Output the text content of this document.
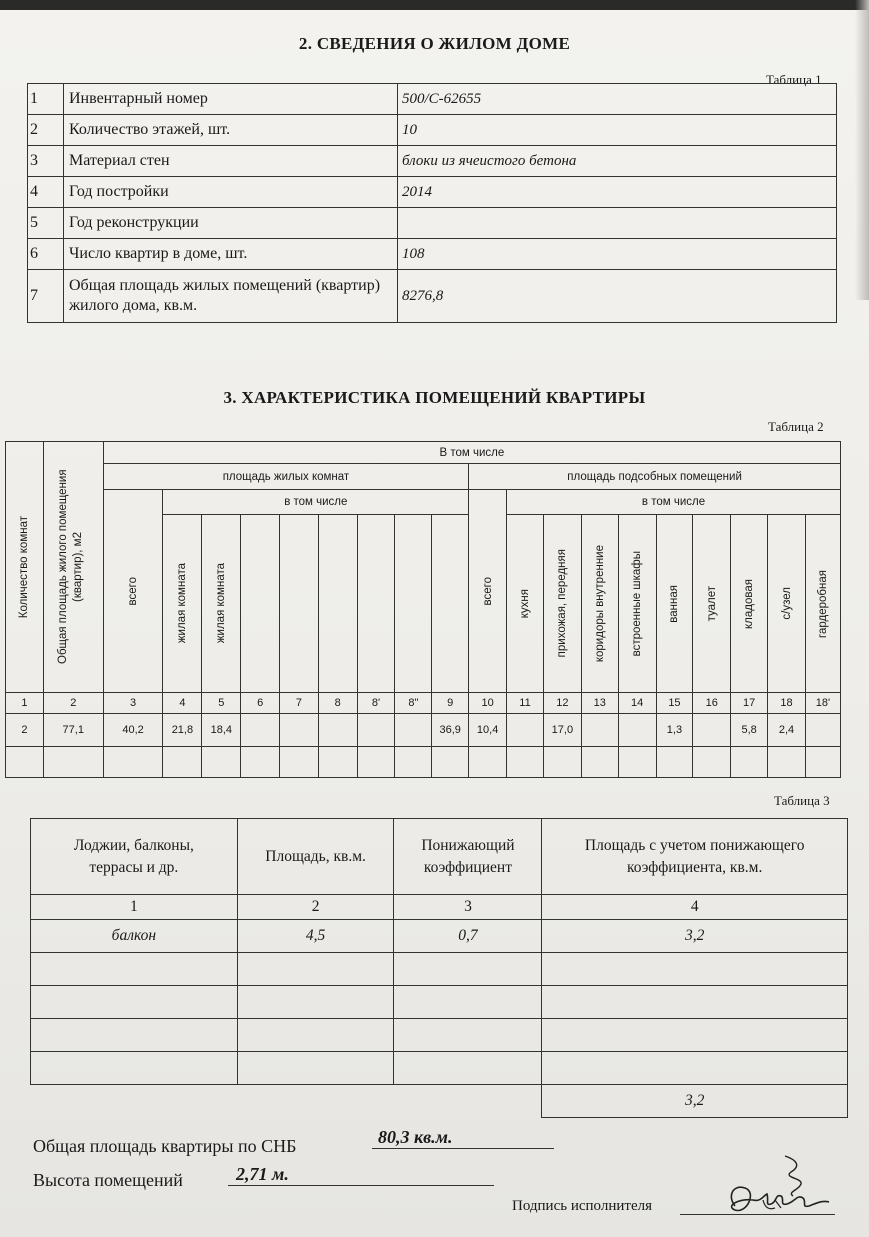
2. СВЕДЕНИЯ О ЖИЛОМ ДОМЕ
Таблица 1
1	Инвентарный номер	500/С-62655
2	Количество этажей, шт.	10
3	Материал стен	блоки из ячеистого бетона
4	Год постройки	2014
5	Год реконструкции	
6	Число квартир в доме, шт.	108
7	Общая площадь жилых помещений (квартир) жилого дома, кв.м.	8276,8
3. ХАРАКТЕРИСТИКА ПОМЕЩЕНИЙ КВАРТИРЫ
Таблица 2
Количество комнат	Общая площадь жилого помещения (квартир), м2	В том числе																		
		площадь жилых комнат									площадь подсобных помещений									

		всего	в том числе								всего	в том числе								

			жилая комната	жилая комната								кухня	прихожая, передняя	коридоры внутренние	встроенные шкафы	ванная	туалет	кладовая	с/узел	гардеробная

1	2	3	4	5	6	7	8	8'	8"	9	10	11	12	13	14	15	16	17	18	18'
2	77,1	40,2	21,8	18,4						36,9	10,4		17,0			1,3		5,8	2,4	

Таблица 3
Лоджии, балконы, террасы и др.	Площадь, кв.м.	Понижающий коэффициент	Площадь с учетом понижающего коэффициента, кв.м.
1	2	3	4
балкон	4,5	0,7	3,2

			3,2
Общая площадь квартиры по СНБ	80,3 кв.м.
Высота помещений	2,71 м.
Подпись исполнителя
